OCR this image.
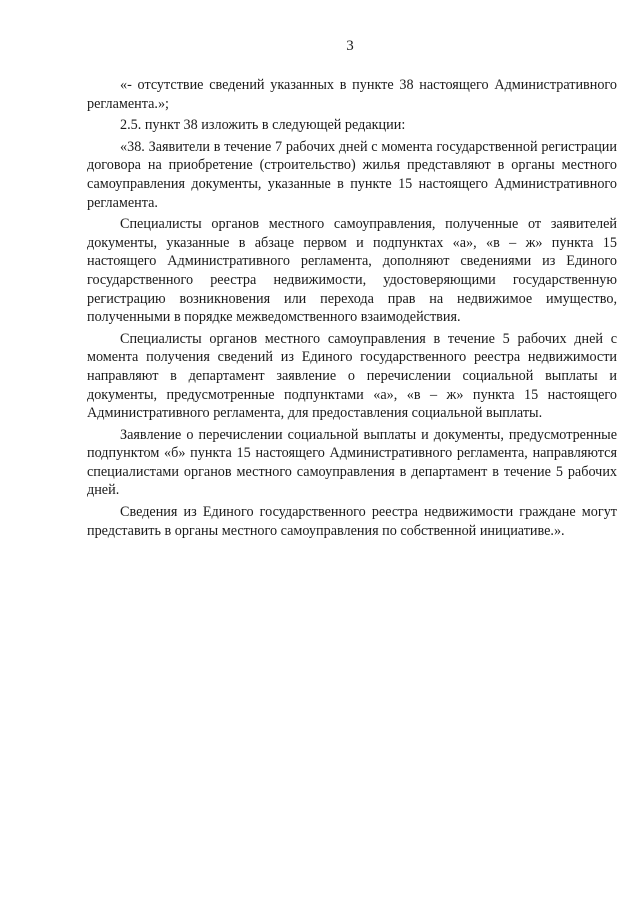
3

«- отсутствие сведений указанных в пункте 38 настоящего Административного регламента.»;

2.5. пункт 38 изложить в следующей редакции:

«38. Заявители в течение 7 рабочих дней с момента государственной регистрации договора на приобретение (строительство) жилья представляют в органы местного самоуправления документы, указанные в пункте 15 настоящего Административного регламента.

Специалисты органов местного самоуправления, полученные от заявителей документы, указанные в абзаце первом и подпунктах «а», «в – ж» пункта 15 настоящего Административного регламента, дополняют сведениями из Единого государственного реестра недвижимости, удостоверяющими государственную регистрацию возникновения или перехода прав на недвижимое имущество, полученными в порядке межведомственного взаимодействия.

Специалисты органов местного самоуправления в течение 5 рабочих дней с момента получения сведений из Единого государственного реестра недвижимости направляют в департамент заявление о перечислении социальной выплаты и документы, предусмотренные подпунктами «а», «в – ж» пункта 15 настоящего Административного регламента, для предоставления социальной выплаты.

Заявление о перечислении социальной выплаты и документы, предусмотренные подпунктом «б» пункта 15 настоящего Административного регламента, направляются специалистами органов местного самоуправления в департамент в течение 5 рабочих дней.

Сведения из Единого государственного реестра недвижимости граждане могут представить в органы местного самоуправления по собственной инициативе.».
